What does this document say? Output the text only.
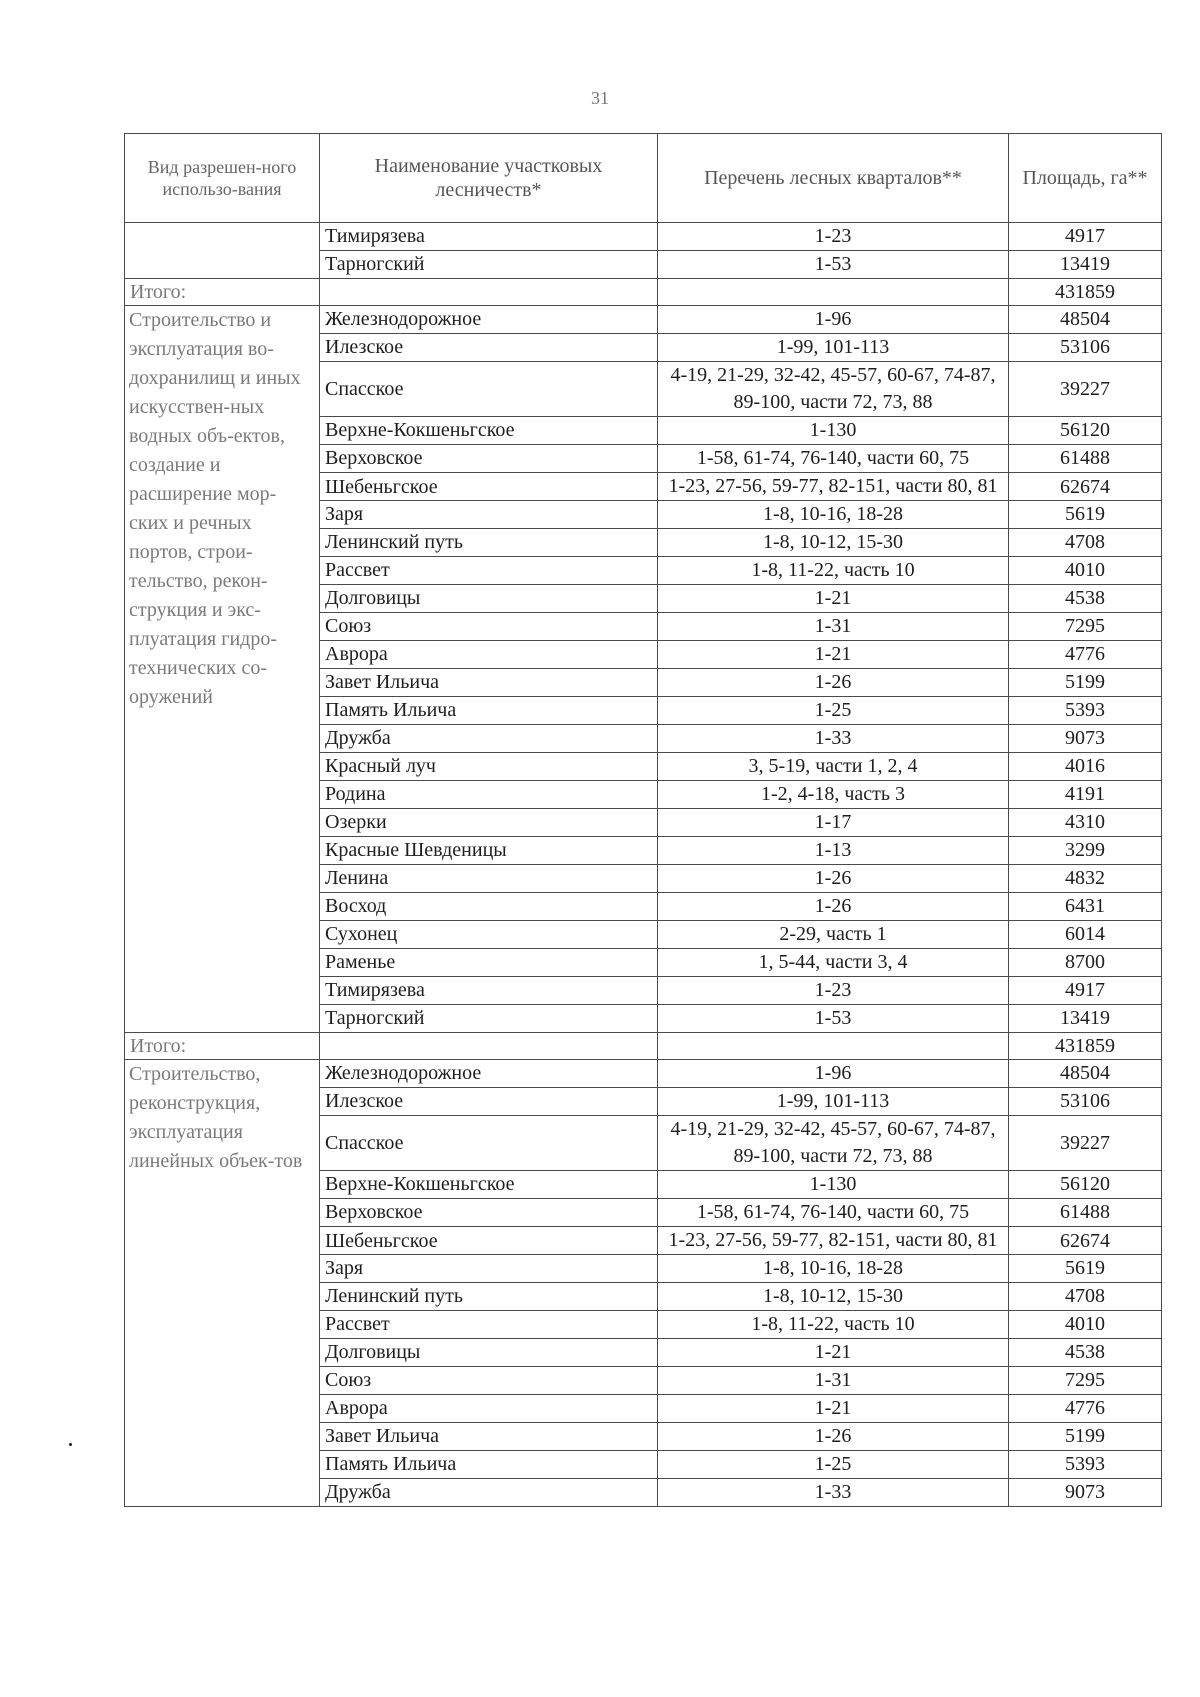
31
Вид разрешен-ного использо-вания	Наименование участковых лесничеств*	Перечень лесных кварталов**	Площадь, га**
	Тимирязева	1-23	4917
	Тарногский	1-53	13419
Итого:			431859
Строительство и эксплуатация во-дохранилищ и иных искусствен-ных водных объ-ектов, создание и расширение мор-ских и речных портов, строи-тельство, рекон-струкция и экс-плуатация гидро-технических со-оружений	Железнодорожное	1-96	48504
	Илезское	1-99, 101-113	53106
	Спасское	4-19, 21-29, 32-42, 45-57, 60-67, 74-87, 89-100, части 72, 73, 88	39227
	Верхне-Кокшеньгское	1-130	56120
	Верховское	1-58, 61-74, 76-140, части 60, 75	61488
	Шебеньгское	1-23, 27-56, 59-77, 82-151, части 80, 81	62674
	Заря	1-8, 10-16, 18-28	5619
	Ленинский путь	1-8, 10-12, 15-30	4708
	Рассвет	1-8, 11-22, часть 10	4010
	Долговицы	1-21	4538
	Союз	1-31	7295
	Аврора	1-21	4776
	Завет Ильича	1-26	5199
	Память Ильича	1-25	5393
	Дружба	1-33	9073
	Красный луч	3, 5-19, части 1, 2, 4	4016
	Родина	1-2, 4-18, часть 3	4191
	Озерки	1-17	4310
	Красные Шевденицы	1-13	3299
	Ленина	1-26	4832
	Восход	1-26	6431
	Сухонец	2-29, часть 1	6014
	Раменье	1, 5-44, части 3, 4	8700
	Тимирязева	1-23	4917
	Тарногский	1-53	13419
Итого:			431859
Строительство, реконструкция, эксплуатация линейных объек-тов	Железнодорожное	1-96	48504
	Илезское	1-99, 101-113	53106
	Спасское	4-19, 21-29, 32-42, 45-57, 60-67, 74-87, 89-100, части 72, 73, 88	39227
	Верхне-Кокшеньгское	1-130	56120
	Верховское	1-58, 61-74, 76-140, части 60, 75	61488
	Шебеньгское	1-23, 27-56, 59-77, 82-151, части 80, 81	62674
	Заря	1-8, 10-16, 18-28	5619
	Ленинский путь	1-8, 10-12, 15-30	4708
	Рассвет	1-8, 11-22, часть 10	4010
	Долговицы	1-21	4538
	Союз	1-31	7295
	Аврора	1-21	4776
	Завет Ильича	1-26	5199
	Память Ильича	1-25	5393
	Дружба	1-33	9073
